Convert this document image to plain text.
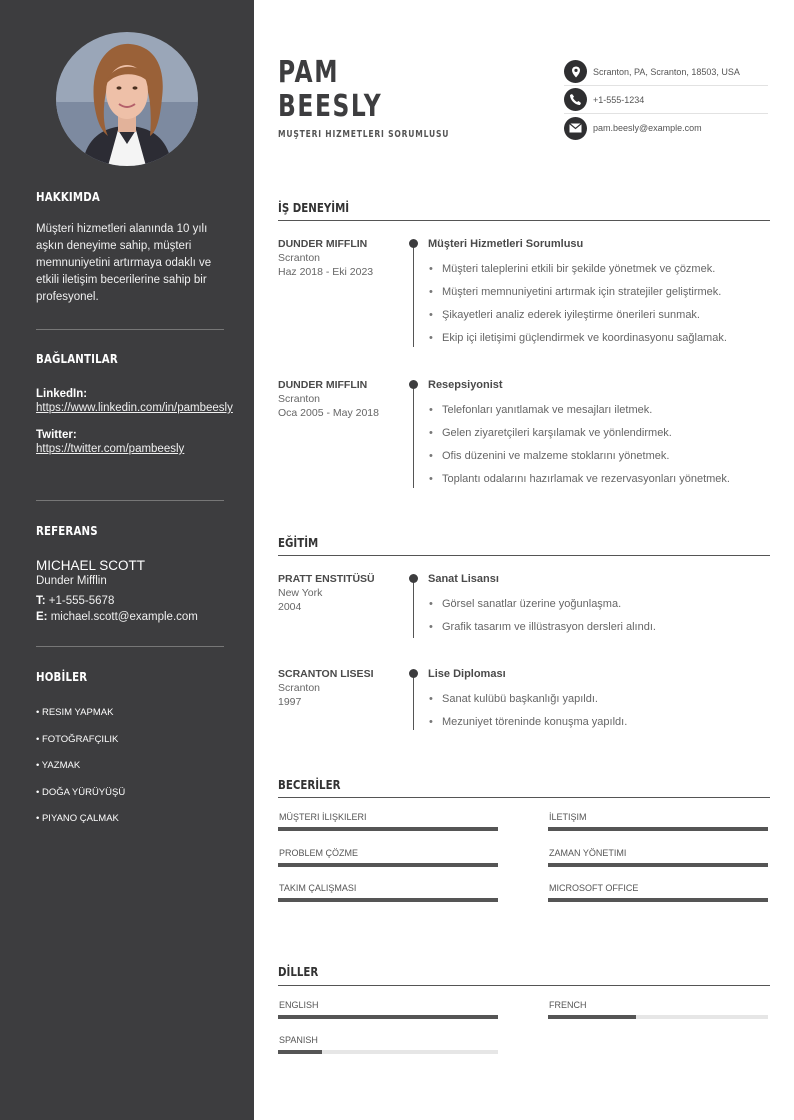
HAKKIMDA
Müşteri hizmetleri alanında 10 yılı aşkın deneyime sahip, müşteri memnuniyetini artırmaya odaklı ve etkili iletişim becerilerine sahip bir profesyonel.
BAĞLANTILAR
LinkedIn:
https://www.linkedin.com/in/pambeesly
Twitter:
https://twitter.com/pambeesly
REFERANS
MICHAEL SCOTT
Dunder Mifflin
T: +1-555-5678
E: michael.scott@example.com
HOBİLER
• RESIM YAPMAK
• FOTOĞRAFÇILIK
• YAZMAK
• DOĞA YÜRÜYÜŞÜ
• PIYANO ÇALMAK
PAM
BEESLY
MÜŞTERI HIZMETLERI SORUMLUSU
Scranton, PA, Scranton, 18503, USA
+1-555-1234
pam.beesly@example.com
İŞ DENEYİMİ
DUNDER MIFFLIN
Scranton
Haz 2018 - Eki 2023
Müşteri Hizmetleri Sorumlusu
• Müşteri taleplerini etkili bir şekilde yönetmek ve çözmek.
• Müşteri memnuniyetini artırmak için stratejiler geliştirmek.
• Şikayetleri analiz ederek iyileştirme önerileri sunmak.
• Ekip içi iletişimi güçlendirmek ve koordinasyonu sağlamak.
DUNDER MIFFLIN
Scranton
Oca 2005 - May 2018
Resepsiyonist
• Telefonları yanıtlamak ve mesajları iletmek.
• Gelen ziyaretçileri karşılamak ve yönlendirmek.
• Ofis düzenini ve malzeme stoklarını yönetmek.
• Toplantı odalarını hazırlamak ve rezervasyonları yönetmek.
EĞİTİM
PRATT ENSTITÜSÜ
New York
2004
Sanat Lisansı
• Görsel sanatlar üzerine yoğunlaşma.
• Grafik tasarım ve illüstrasyon dersleri alındı.
SCRANTON LISESI
Scranton
1997
Lise Diploması
• Sanat kulübü başkanlığı yapıldı.
• Mezuniyet töreninde konuşma yapıldı.
BECERİLER
MÜŞTERI İLIŞKILERI	İLETIŞIM
PROBLEM ÇÖZME	ZAMAN YÖNETIMI
TAKIM ÇALIŞMASI	MICROSOFT OFFICE
DİLLER
ENGLISH	FRENCH
SPANISH
